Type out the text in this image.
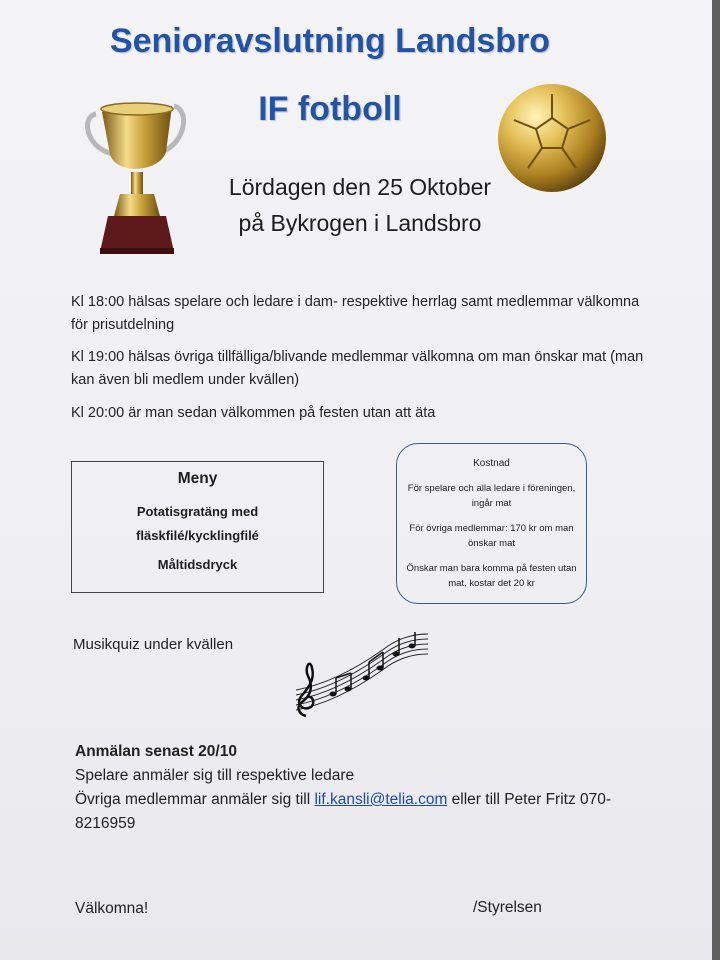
Senioravslutning Landsbro
IF fotboll
Lördagen den 25 Oktober
på Bykrogen i Landsbro
Kl 18:00 hälsas spelare och ledare i dam- respektive herrlag samt medlemmar välkomna för prisutdelning
Kl 19:00 hälsas övriga tillfälliga/blivande medlemmar välkomna om man önskar mat (man kan även bli medlem under kvällen)
Kl 20:00 är man sedan välkommen på festen utan att äta
Meny
Potatisgratäng med
fläskfilé/kycklingfilé
Måltidsdryck
Kostnad
För spelare och alla ledare i föreningen, ingår mat
För övriga medlemmar: 170 kr om man önskar mat
Önskar man bara komma på festen utan mat, kostar det 20 kr
Musikquiz under kvällen
Anmälan senast 20/10
Spelare anmäler sig till respektive ledare
Övriga medlemmar anmäler sig till lif.kansli@telia.com eller till Peter Fritz 070-8216959
Välkomna!	/Styrelsen
